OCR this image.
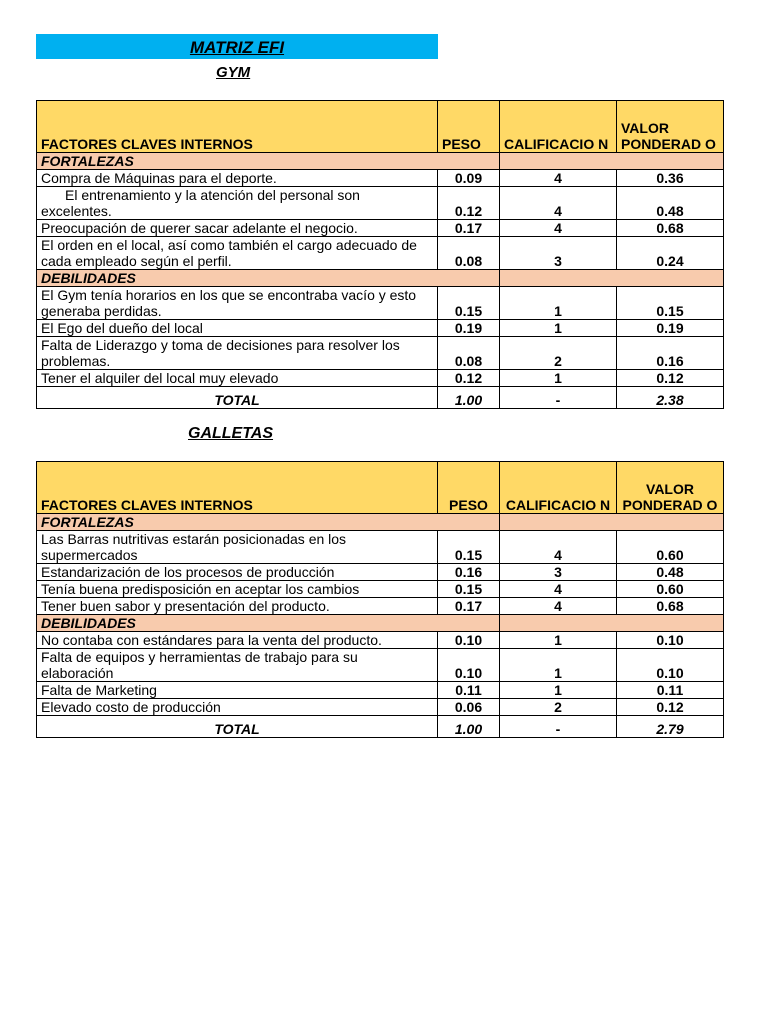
MATRIZ EFI
GYM
FACTORES CLAVES INTERNOS	PESO	CALIFICACIO N	VALOR PONDERAD O
FORTALEZAS			
Compra de Máquinas para el deporte.	0.09	4	0.36
El entrenamiento y la atención del personal son excelentes.	0.12	4	0.48
Preocupación de querer sacar adelante el negocio.	0.17	4	0.68
El orden en el local, así como también el cargo adecuado de cada empleado según el perfil.	0.08	3	0.24
DEBILIDADES			
El Gym tenía horarios en los que se encontraba vacío y esto generaba perdidas.	0.15	1	0.15
El Ego del dueño del local	0.19	1	0.19
Falta de Liderazgo y toma de decisiones para resolver los problemas.	0.08	2	0.16
Tener el alquiler del local muy elevado	0.12	1	0.12
TOTAL	1.00	-	2.38
GALLETAS
FACTORES CLAVES INTERNOS	PESO	CALIFICACIO N	VALOR PONDERAD O
FORTALEZAS			
Las Barras nutritivas estarán posicionadas en los supermercados	0.15	4	0.60
Estandarización de los procesos de producción	0.16	3	0.48
Tenía buena predisposición en aceptar los cambios	0.15	4	0.60
Tener buen sabor y presentación del producto.	0.17	4	0.68
DEBILIDADES			
No contaba con estándares para la venta del producto.	0.10	1	0.10
Falta de equipos y herramientas de trabajo para su elaboración	0.10	1	0.10
Falta de Marketing	0.11	1	0.11
Elevado costo de producción	0.06	2	0.12
TOTAL	1.00	-	2.79
